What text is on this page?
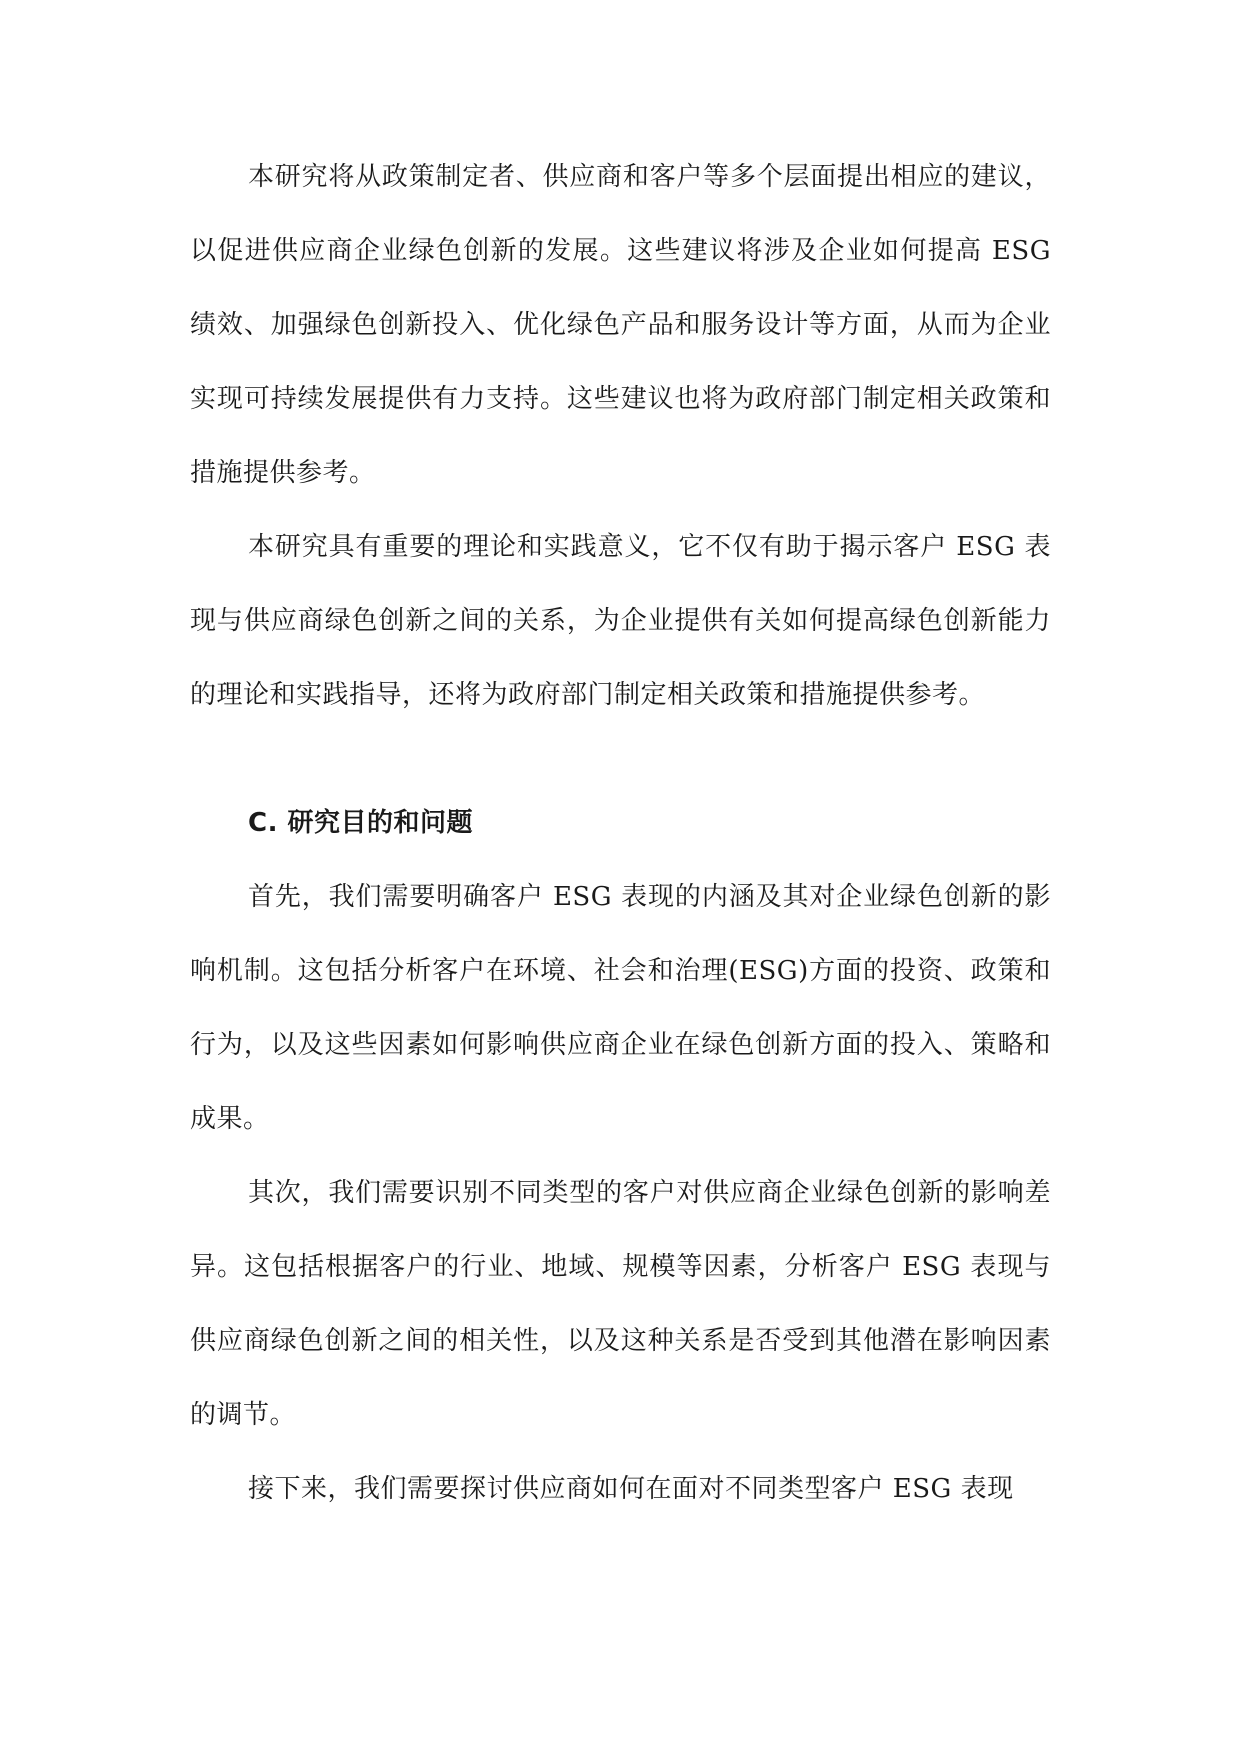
本研究将从政策制定者、供应商和客户等多个层面提出相应的建议，以促进供应商企业绿色创新的发展。这些建议将涉及企业如何提高 ESG 绩效、加强绿色创新投入、优化绿色产品和服务设计等方面，从而为企业实现可持续发展提供有力支持。这些建议也将为政府部门制定相关政策和措施提供参考。

本研究具有重要的理论和实践意义，它不仅有助于揭示客户 ESG 表现与供应商绿色创新之间的关系，为企业提供有关如何提高绿色创新能力的理论和实践指导，还将为政府部门制定相关政策和措施提供参考。

C. 研究目的和问题

首先，我们需要明确客户 ESG 表现的内涵及其对企业绿色创新的影响机制。这包括分析客户在环境、社会和治理(ESG)方面的投资、政策和行为，以及这些因素如何影响供应商企业在绿色创新方面的投入、策略和成果。

其次，我们需要识别不同类型的客户对供应商企业绿色创新的影响差异。这包括根据客户的行业、地域、规模等因素，分析客户 ESG 表现与供应商绿色创新之间的相关性，以及这种关系是否受到其他潜在影响因素的调节。

接下来，我们需要探讨供应商如何在面对不同类型客户 ESG 表现
